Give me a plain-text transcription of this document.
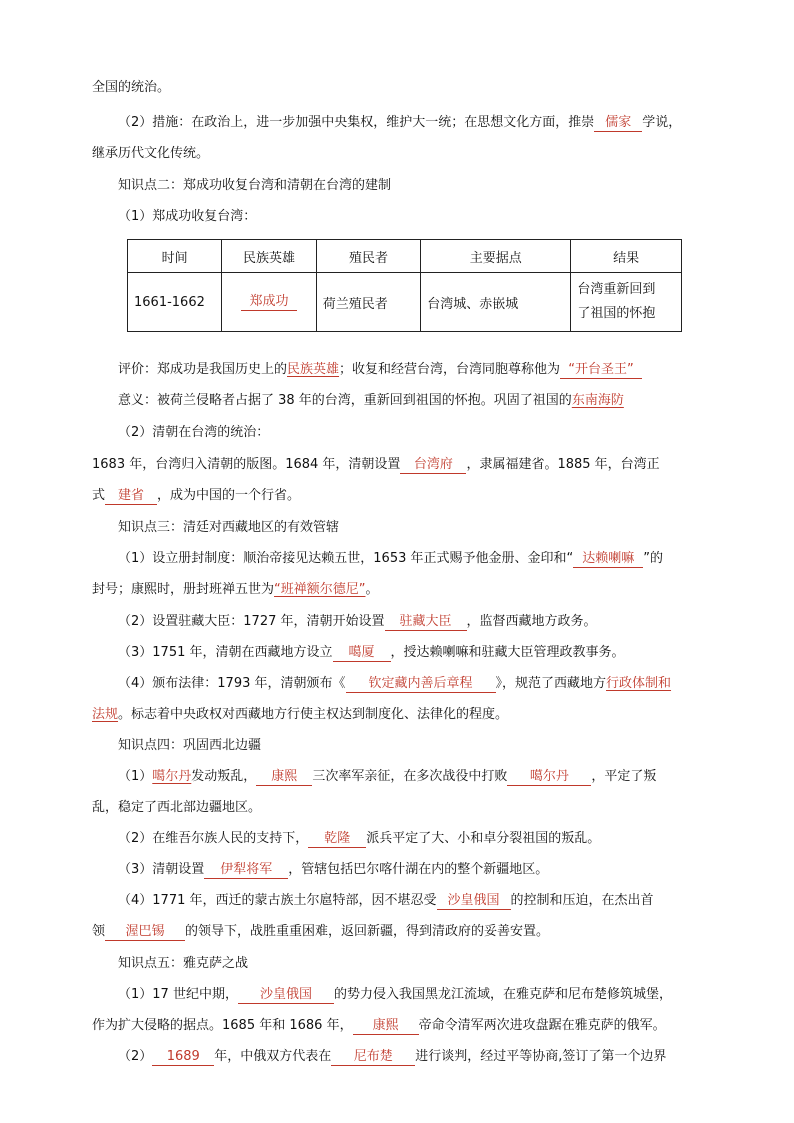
全国的统治。
（2）措施：在政治上，进一步加强中央集权，维护大一统；在思想文化方面，推崇 儒家 学说，
继承历代文化传统。
知识点二：郑成功收复台湾和清朝在台湾的建制
（1）郑成功收复台湾：
时间	民族英雄	殖民者	主要据点	结果
1661-1662	郑成功	荷兰殖民者	台湾城、赤嵌城	台湾重新回到
了祖国的怀抱
评价：郑成功是我国历史上的民族英雄；收复和经营台湾，台湾同胞尊称他为 “开台圣王”
意义：被荷兰侵略者占据了 38 年的台湾，重新回到祖国的怀抱。巩固了祖国的东南海防
（2）清朝在台湾的统治：
1683 年，台湾归入清朝的版图。1684 年，清朝设置 台湾府 ，隶属福建省。1885 年，台湾正
式 建省 ，成为中国的一个行省。
知识点三：清廷对西藏地区的有效管辖
（1）设立册封制度：顺治帝接见达赖五世，1653 年正式赐予他金册、金印和“ 达赖喇嘛 ”的
封号；康熙时，册封班禅五世为“班禅额尔德尼”。
（2）设置驻藏大臣：1727 年，清朝开始设置 驻藏大臣 ，监督西藏地方政务。
（3）1751 年，清朝在西藏地方设立 噶厦 ，授达赖喇嘛和驻藏大臣管理政教事务。
（4）颁布法律：1793 年，清朝颁布《 钦定藏内善后章程 》，规范了西藏地方行政体制和
法规。标志着中央政权对西藏地方行使主权达到制度化、法律化的程度。
知识点四：巩固西北边疆
（1）噶尔丹发动叛乱， 康熙 三次率军亲征，在多次战役中打败 噶尔丹 ，平定了叛
乱，稳定了西北部边疆地区。
（2）在维吾尔族人民的支持下， 乾隆 派兵平定了大、小和卓分裂祖国的叛乱。
（3）清朝设置 伊犁将军 ，管辖包括巴尔喀什湖在内的整个新疆地区。
（4）1771 年，西迁的蒙古族土尔扈特部，因不堪忍受 沙皇俄国 的控制和压迫，在杰出首
领 渥巴锡 的领导下，战胜重重困难，返回新疆，得到清政府的妥善安置。
知识点五：雅克萨之战
（1）17 世纪中期， 沙皇俄国 的势力侵入我国黑龙江流域，在雅克萨和尼布楚修筑城堡，
作为扩大侵略的据点。1685 年和 1686 年， 康熙 帝命令清军两次进攻盘踞在雅克萨的俄军。
（2） 1689 年，中俄双方代表在 尼布楚 进行谈判，经过平等协商,签订了第一个边界
